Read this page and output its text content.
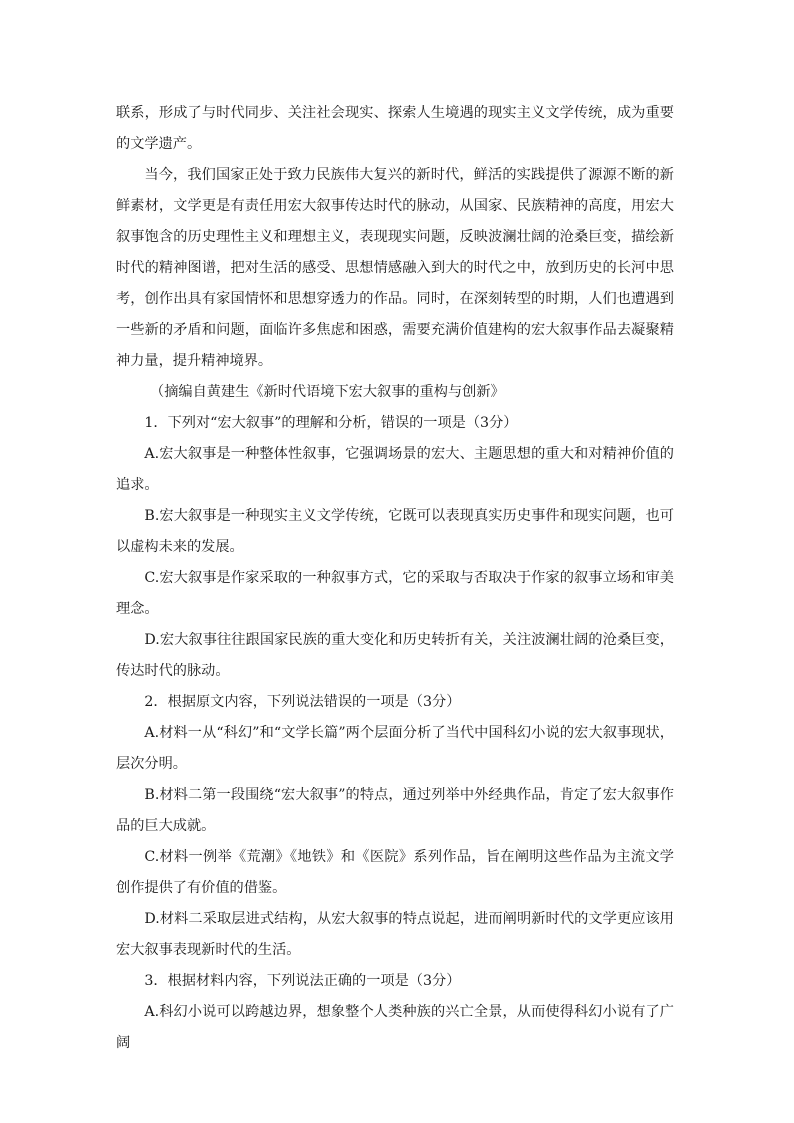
联系，形成了与时代同步、关注社会现实、探索人生境遇的现实主义文学传统，成为重要的文学遗产。

当今，我们国家正处于致力民族伟大复兴的新时代，鲜活的实践提供了源源不断的新鲜素材，文学更是有责任用宏大叙事传达时代的脉动，从国家、民族精神的高度，用宏大叙事饱含的历史理性主义和理想主义，表现现实问题，反映波澜壮阔的沧桑巨变，描绘新时代的精神图谱，把对生活的感受、思想情感融入到大的时代之中，放到历史的长河中思考，创作出具有家国情怀和思想穿透力的作品。同时，在深刻转型的时期，人们也遭遇到一些新的矛盾和问题，面临许多焦虑和困惑，需要充满价值建构的宏大叙事作品去凝聚精神力量，提升精神境界。

（摘编自黄建生《新时代语境下宏大叙事的重构与创新》

1．下列对“宏大叙事”的理解和分析，错误的一项是（3分）

A.宏大叙事是一种整体性叙事，它强调场景的宏大、主题思想的重大和对精神价值的追求。

B.宏大叙事是一种现实主义文学传统，它既可以表现真实历史事件和现实问题，也可以虚构未来的发展。

C.宏大叙事是作家采取的一种叙事方式，它的采取与否取决于作家的叙事立场和审美理念。

D.宏大叙事往往跟国家民族的重大变化和历史转折有关，关注波澜壮阔的沧桑巨变，传达时代的脉动。

2．根据原文内容，下列说法错误的一项是（3分）

A.材料一从“科幻”和“文学长篇”两个层面分析了当代中国科幻小说的宏大叙事现状，层次分明。

B.材料二第一段围绕“宏大叙事”的特点，通过列举中外经典作品，肯定了宏大叙事作品的巨大成就。

C.材料一例举《荒潮》《地铁》和《医院》系列作品，旨在阐明这些作品为主流文学创作提供了有价值的借鉴。

D.材料二采取层进式结构，从宏大叙事的特点说起，进而阐明新时代的文学更应该用宏大叙事表现新时代的生活。

3．根据材料内容，下列说法正确的一项是（3分）

A.科幻小说可以跨越边界，想象整个人类种族的兴亡全景，从而使得科幻小说有了广阔
